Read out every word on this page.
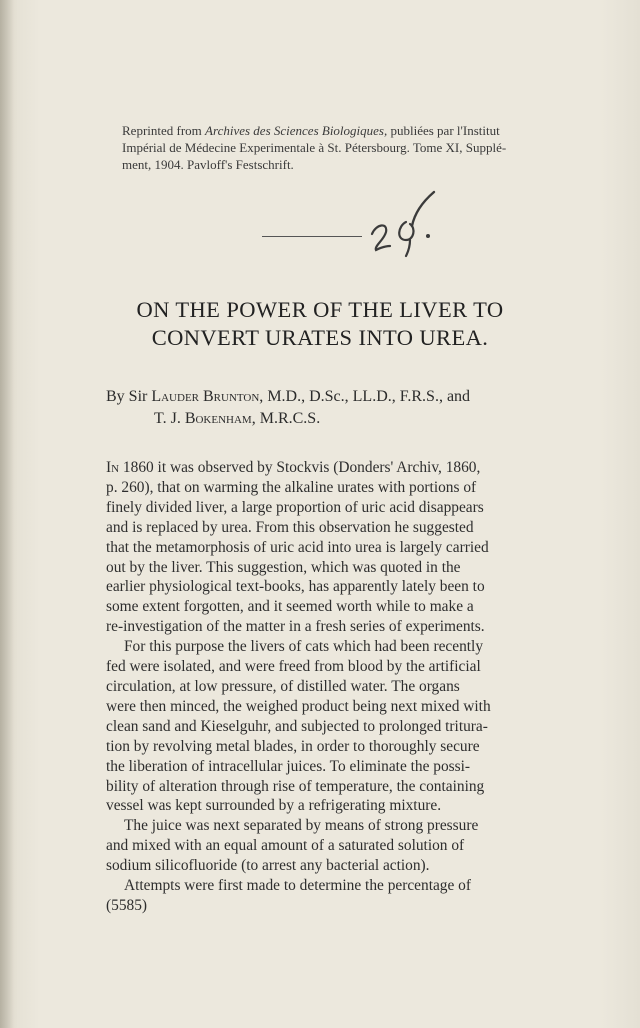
Reprinted from Archives des Sciences Biologiques, publiées par l'Institut
Impérial de Médecine Experimentale à St. Pétersbourg. Tome XI, Supplé-
ment, 1904. Pavloff's Festschrift.
ON THE POWER OF THE LIVER TO
CONVERT URATES INTO UREA.
By Sir Lauder Brunton, M.D., D.Sc., LL.D., F.R.S., and
T. J. Bokenham, M.R.C.S.
In 1860 it was observed by Stockvis (Donders' Archiv, 1860,
p. 260), that on warming the alkaline urates with portions of
finely divided liver, a large proportion of uric acid disappears
and is replaced by urea. From this observation he suggested
that the metamorphosis of uric acid into urea is largely carried
out by the liver. This suggestion, which was quoted in the
earlier physiological text-books, has apparently lately been to
some extent forgotten, and it seemed worth while to make a
re-investigation of the matter in a fresh series of experiments.
For this purpose the livers of cats which had been recently
fed were isolated, and were freed from blood by the artificial
circulation, at low pressure, of distilled water. The organs
were then minced, the weighed product being next mixed with
clean sand and Kieselguhr, and subjected to prolonged tritura-
tion by revolving metal blades, in order to thoroughly secure
the liberation of intracellular juices. To eliminate the possi-
bility of alteration through rise of temperature, the containing
vessel was kept surrounded by a refrigerating mixture.
The juice was next separated by means of strong pressure
and mixed with an equal amount of a saturated solution of
sodium silicofluoride (to arrest any bacterial action).
Attempts were first made to determine the percentage of
(5585)
